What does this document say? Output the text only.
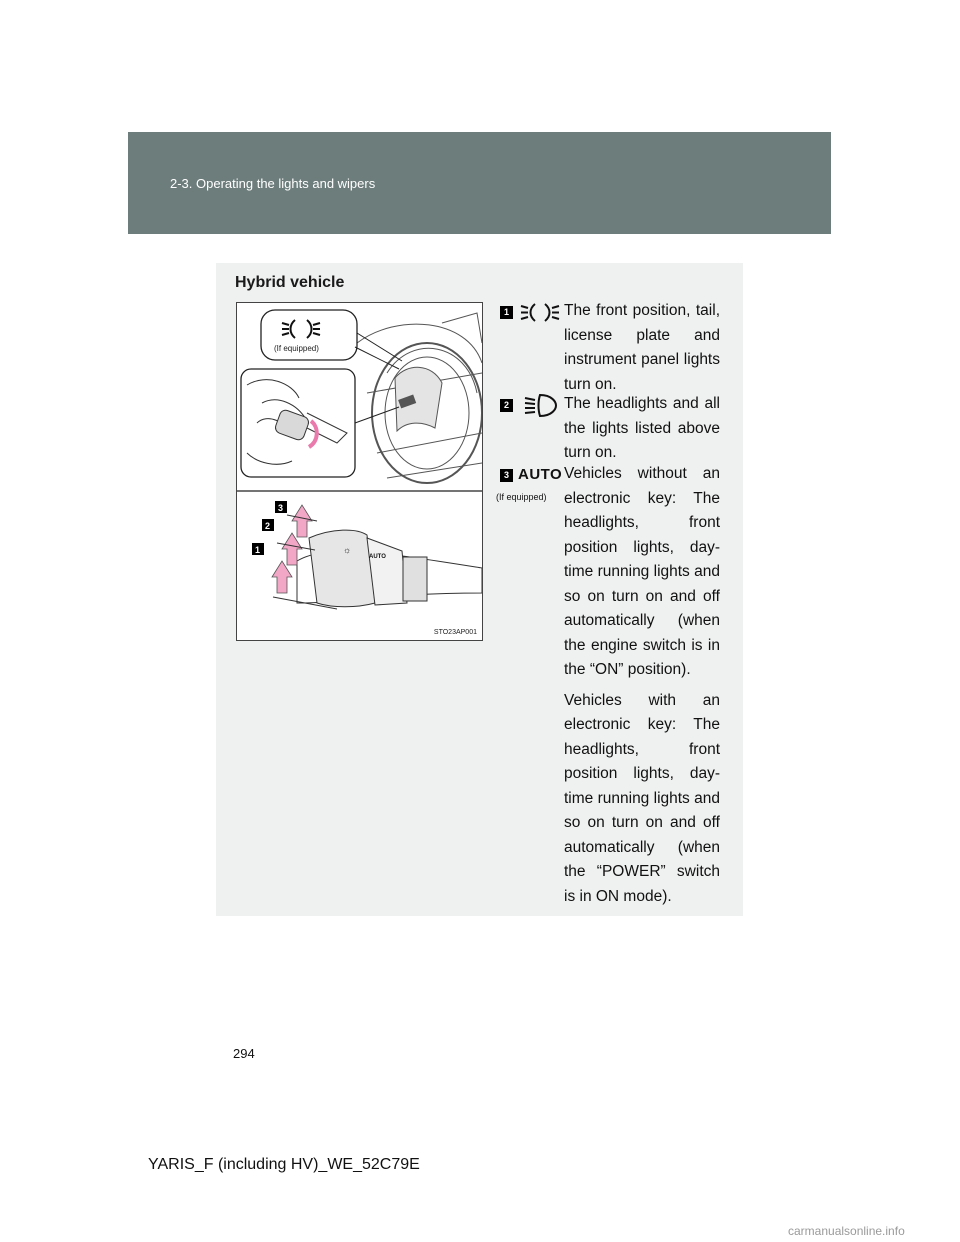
2-3. Operating the lights and wipers
Hybrid vehicle
(If equipped)
☼
AUTO
1
2
3
STO23AP001
1	The front position, tail, license plate and instrument panel lights turn on.

2	The headlights and all the lights listed above turn on.

3 AUTO
(If equipped)

Vehicles without an electronic key: The headlights, front position lights, day-time running lights and so on turn on and off automatically (when the engine switch is in the “ON” position).

Vehicles with an electronic key: The headlights, front position lights, day-time running lights and so on turn on and off automatically (when the “POWER” switch is in ON mode).

294
YARIS_F (including HV)_WE_52C79E
carmanualsonline.info
